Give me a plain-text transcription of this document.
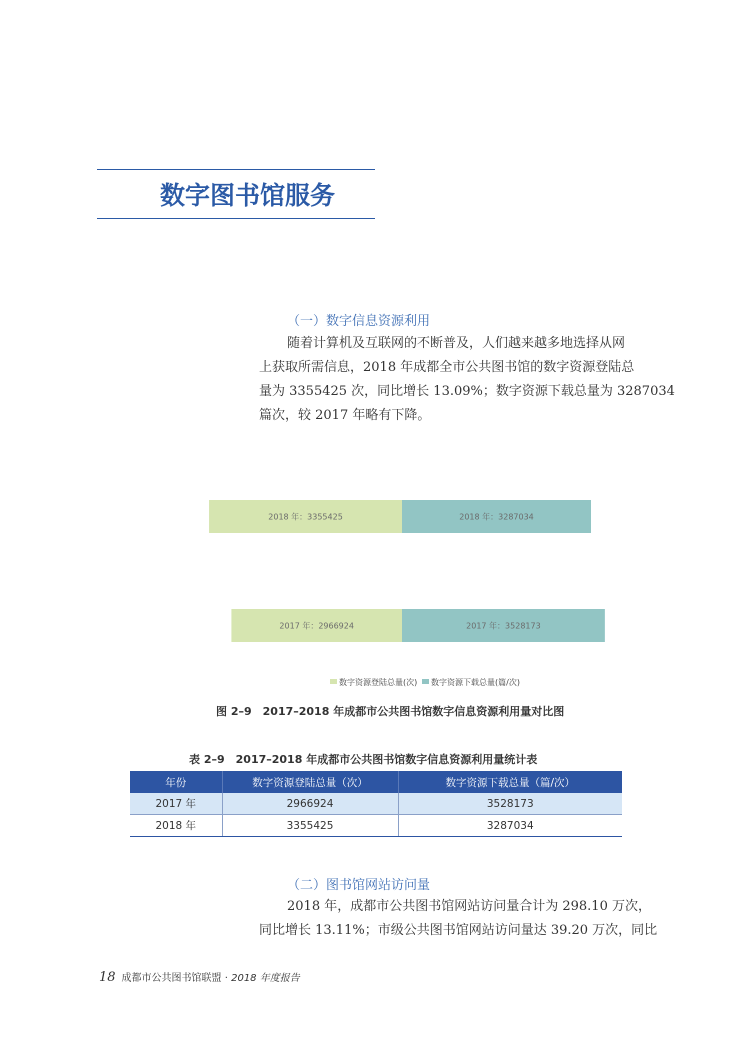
数字图书馆服务
（一）数字信息资源利用
随着计算机及互联网的不断普及，人们越来越多地选择从网
上获取所需信息，2018 年成都全市公共图书馆的数字资源登陆总
量为 3355425 次，同比增长 13.09%；数字资源下载总量为 3287034
篇次，较 2017 年略有下降。
2018 年：3355425	2018 年：3287034
2017 年：2966924	2017 年：3528173
数字资源登陆总量(次) 数字资源下载总量(篇/次)
图 2–9　2017–2018 年成都市公共图书馆数字信息资源利用量对比图
表 2–9　2017–2018 年成都市公共图书馆数字信息资源利用量统计表
年份	数字资源登陆总量（次）	数字资源下载总量（篇/次）
2017 年	2966924	3528173
2018 年	3355425	3287034
（二）图书馆网站访问量
2018 年，成都市公共图书馆网站访问量合计为 298.10 万次，
同比增长 13.11%；市级公共图书馆网站访问量达 39.20 万次，同比
18 成都市公共图书馆联盟 · 2018 年度报告
